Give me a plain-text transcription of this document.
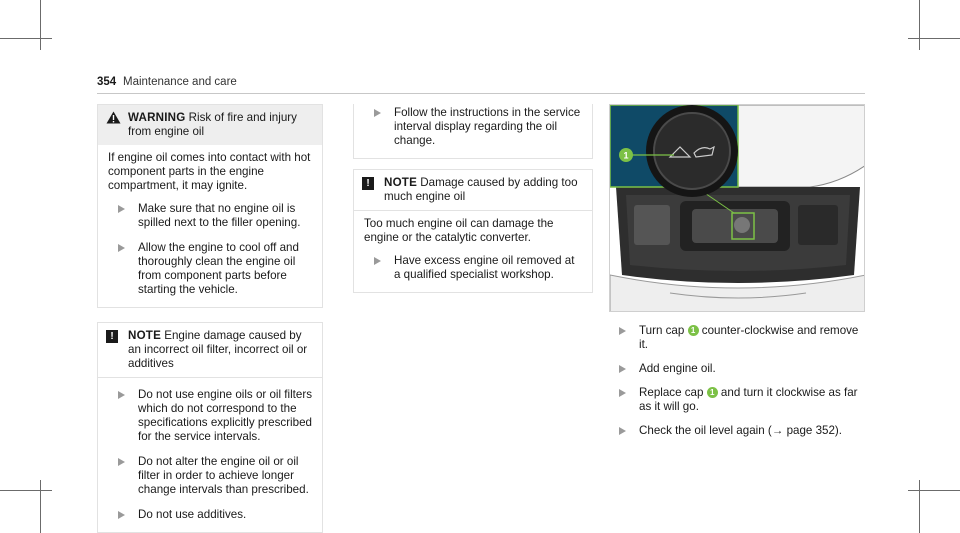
354 Maintenance and care
WARNING Risk of fire and injury from engine oil

If engine oil comes into contact with hot component parts in the engine compartment, it may ignite.

Make sure that no engine oil is spilled next to the filler opening.
Allow the engine to cool off and thoroughly clean the engine oil from component parts before starting the vehicle.
!	NOTE Engine damage caused by an incorrect oil filter, incorrect oil or additives
Do not use engine oils or oil filters which do not correspond to the specifications explicitly prescribed for the service intervals.
Do not alter the engine oil or oil filter in order to achieve longer change intervals than prescribed.
Do not use additives.
Follow the instructions in the service interval display regarding the oil change.
!	NOTE Damage caused by adding too much engine oil

Too much engine oil can damage the engine or the catalytic converter.

Have excess engine oil removed at a qualified specialist workshop.
1
Turn cap 1 counter-clockwise and remove it.
Add engine oil.
Replace cap 1 and turn it clockwise as far as it will go.
Check the oil level again (→ page 352).
